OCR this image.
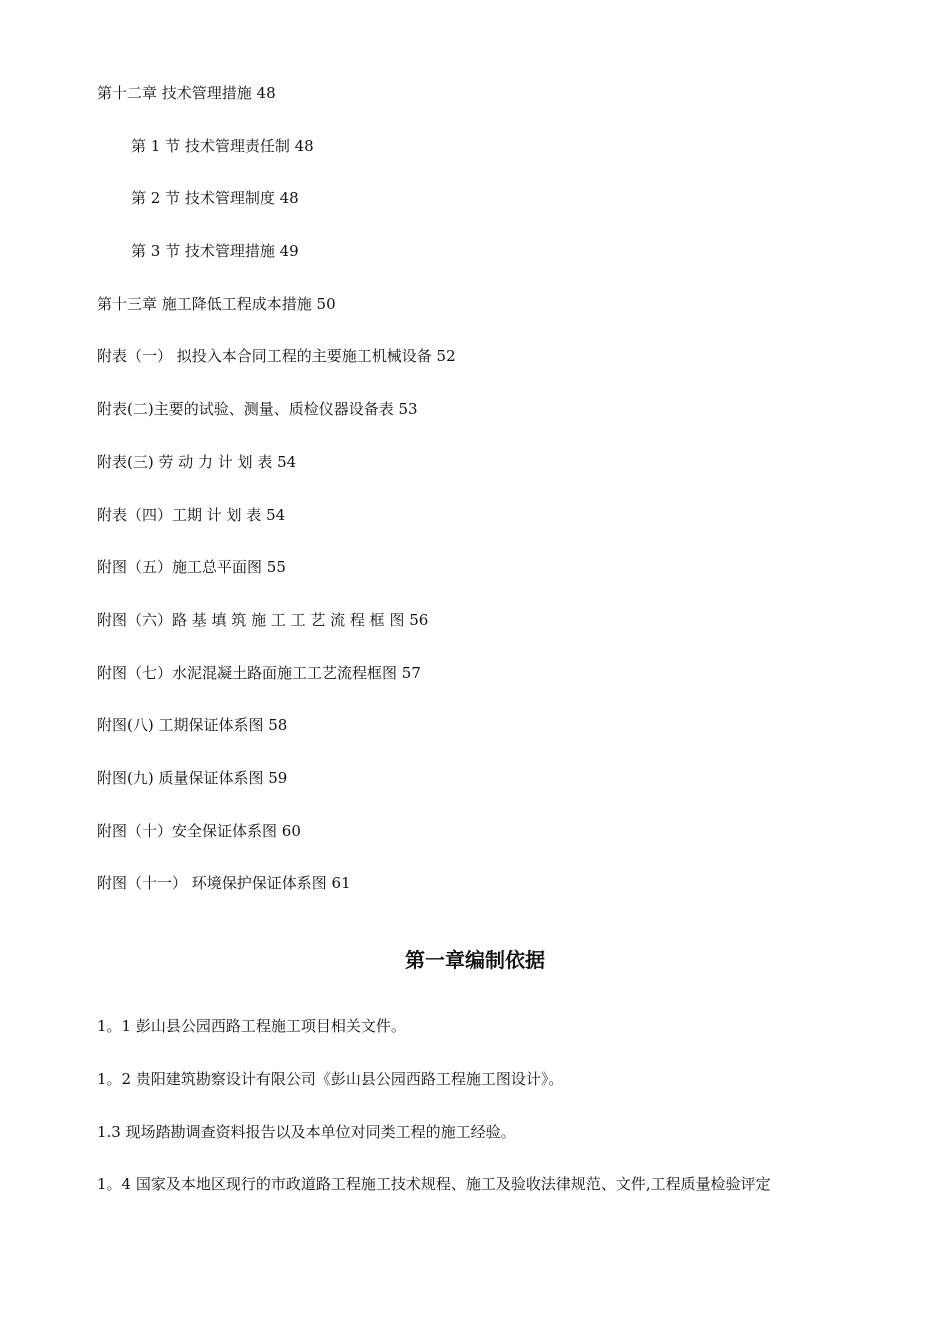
第十二章 技术管理措施 48
第 1 节 技术管理责任制 48
第 2 节 技术管理制度 48
第 3 节 技术管理措施 49
第十三章 施工降低工程成本措施 50
附表（一） 拟投入本合同工程的主要施工机械设备 52
附表(二)主要的试验、测量、质检仪器设备表 53
附表(三) 劳 动 力 计 划 表 54
附表（四）工期 计 划 表 54
附图（五）施工总平面图 55
附图（六）路 基 填 筑 施 工 工 艺 流 程 框 图 56
附图（七）水泥混凝土路面施工工艺流程框图 57
附图(八) 工期保证体系图 58
附图(九) 质量保证体系图 59
附图（十）安全保证体系图 60
附图（十一） 环境保护保证体系图 61
第一章编制依据
1。1 彭山县公园西路工程施工项目相关文件。
1。2 贵阳建筑勘察设计有限公司《彭山县公园西路工程施工图设计》。
1.3 现场踏勘调查资料报告以及本单位对同类工程的施工经验。
1。4 国家及本地区现行的市政道路工程施工技术规程、施工及验收法律规范、文件,工程质量检验评定
